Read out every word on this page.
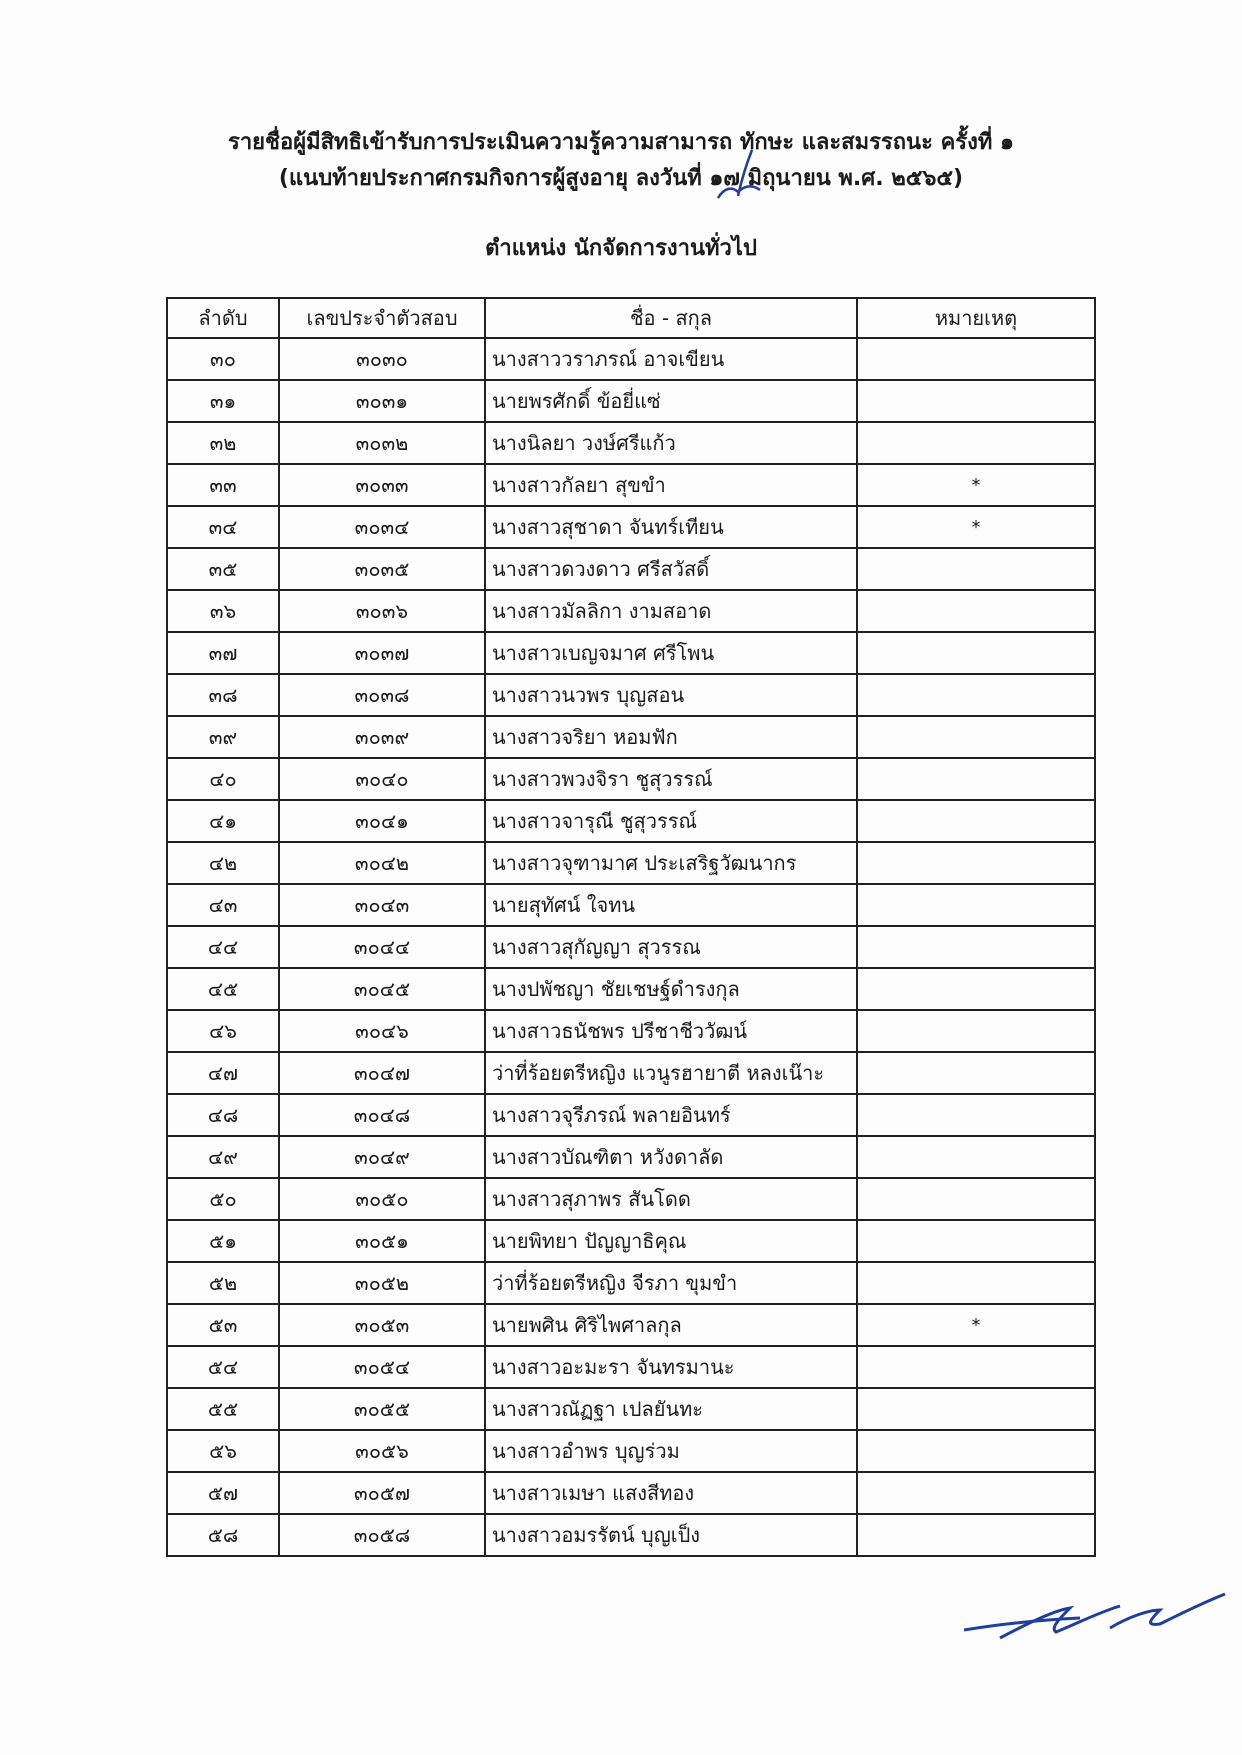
รายชื่อผู้มีสิทธิเข้ารับการประเมินความรู้ความสามารถ ทักษะ และสมรรถนะ ครั้งที่ ๑
(แนบท้ายประกาศกรมกิจการผู้สูงอายุ ลงวันที่ ๑๗ มิถุนายน พ.ศ. ๒๕๖๕)
ตำแหน่ง นักจัดการงานทั่วไป
ลำดับ	เลขประจำตัวสอบ	ชื่อ - สกุล	หมายเหตุ
๓๐	๓๐๓๐	นางสาววราภรณ์ อาจเขียน	
๓๑	๓๐๓๑	นายพรศักดิ์ ข้อยี่แซ่	
๓๒	๓๐๓๒	นางนิลยา วงษ์ศรีแก้ว	
๓๓	๓๐๓๓	นางสาวกัลยา สุขขำ	*
๓๔	๓๐๓๔	นางสาวสุชาดา จันทร์เทียน	*
๓๕	๓๐๓๕	นางสาวดวงดาว ศรีสวัสดิ์	
๓๖	๓๐๓๖	นางสาวมัลลิกา งามสอาด	
๓๗	๓๐๓๗	นางสาวเบญจมาศ ศรีโพน	
๓๘	๓๐๓๘	นางสาวนวพร บุญสอน	
๓๙	๓๐๓๙	นางสาวจริยา หอมฟัก	
๔๐	๓๐๔๐	นางสาวพวงจิรา ชูสุวรรณ์	
๔๑	๓๐๔๑	นางสาวจารุณี ชูสุวรรณ์	
๔๒	๓๐๔๒	นางสาวจุฑามาศ ประเสริฐวัฒนากร	
๔๓	๓๐๔๓	นายสุทัศน์ ใจทน	
๔๔	๓๐๔๔	นางสาวสุกัญญา สุวรรณ	
๔๕	๓๐๔๕	นางปพัชญา ชัยเชษฐ์ดำรงกุล	
๔๖	๓๐๔๖	นางสาวธนัชพร ปรีชาชีววัฒน์	
๔๗	๓๐๔๗	ว่าที่ร้อยตรีหญิง แวนูรฮายาตี หลงเน๊าะ	
๔๘	๓๐๔๘	นางสาวจุรีภรณ์ พลายอินทร์	
๔๙	๓๐๔๙	นางสาวบัณฑิตา หวังดาลัด	
๕๐	๓๐๕๐	นางสาวสุภาพร สันโดด	
๕๑	๓๐๕๑	นายพิทยา ปัญญาธิคุณ	
๕๒	๓๐๕๒	ว่าที่ร้อยตรีหญิง จีรภา ขุมขำ	
๕๓	๓๐๕๓	นายพศิน ศิริไพศาลกุล	*
๕๔	๓๐๕๔	นางสาวอะมะรา จันทรมานะ	
๕๕	๓๐๕๕	นางสาวณัฏฐา เปลยันทะ	
๕๖	๓๐๕๖	นางสาวอำพร บุญร่วม	
๕๗	๓๐๕๗	นางสาวเมษา แสงสีทอง	
๕๘	๓๐๕๘	นางสาวอมรรัตน์ บุญเป็ง	
